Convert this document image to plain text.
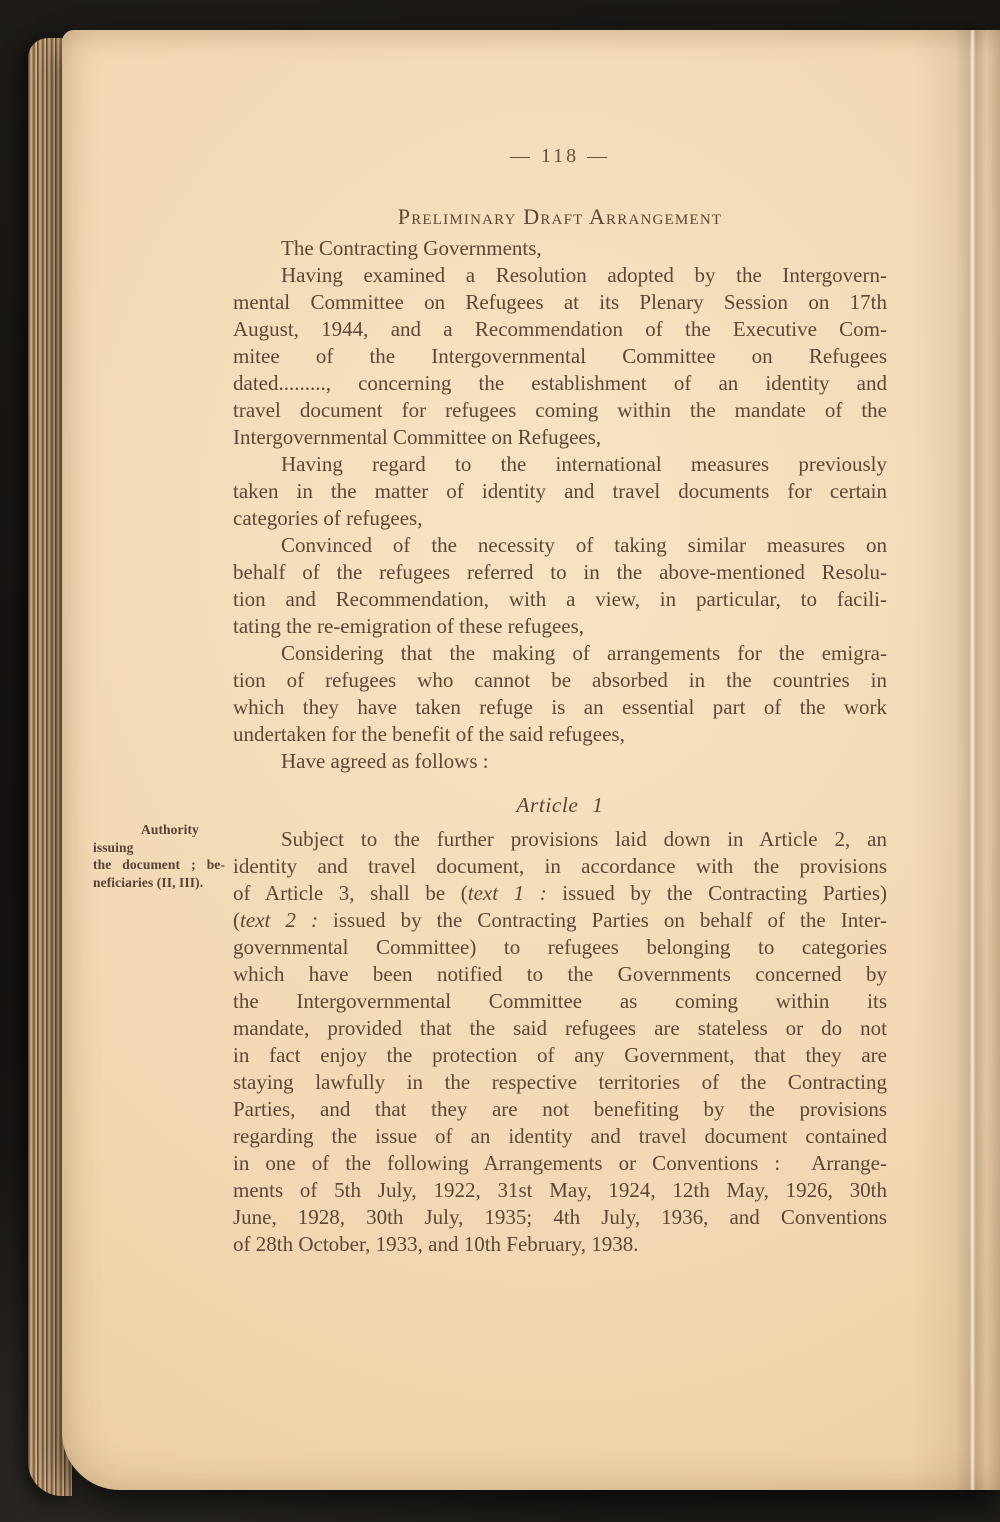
— 118 —
Preliminary Draft Arrangement
The Contracting Governments,
Having examined a Resolution adopted by the Intergovern-
mental Committee on Refugees at its Plenary Session on 17th
August, 1944, and a Recommendation of the Executive Com-
mitee of the Intergovernmental Committee on Refugees
dated........., concerning the establishment of an identity and
travel document for refugees coming within the mandate of the
Intergovernmental Committee on Refugees,
Having regard to the international measures previously
taken in the matter of identity and travel documents for certain
categories of refugees,
Convinced of the necessity of taking similar measures on
behalf of the refugees referred to in the above-mentioned Resolu-
tion and Recommendation, with a view, in particular, to facili-
tating the re-emigration of these refugees,
Considering that the making of arrangements for the emigra-
tion of refugees who cannot be absorbed in the countries in
which they have taken refuge is an essential part of the work
undertaken for the benefit of the said refugees,
Have agreed as follows :
Article 1
Subject to the further provisions laid down in Article 2, an
identity and travel document, in accordance with the provisions
of Article 3, shall be (text 1 : issued by the Contracting Parties)
(text 2 : issued by the Contracting Parties on behalf of the Inter-
governmental Committee) to refugees belonging to categories
which have been notified to the Governments concerned by
the Intergovernmental Committee as coming within its
mandate, provided that the said refugees are stateless or do not
in fact enjoy the protection of any Government, that they are
staying lawfully in the respective territories of the Contracting
Parties, and that they are not benefiting by the provisions
regarding the issue of an identity and travel document contained
in one of the following Arrangements or Conventions :  Arrange-
ments of 5th July, 1922, 31st May, 1924, 12th May, 1926, 30th
June, 1928, 30th July, 1935; 4th July, 1936, and Conventions
of 28th October, 1933, and 10th February, 1938.
Authority issuing
the document ; be-
neficiaries (II, III).
